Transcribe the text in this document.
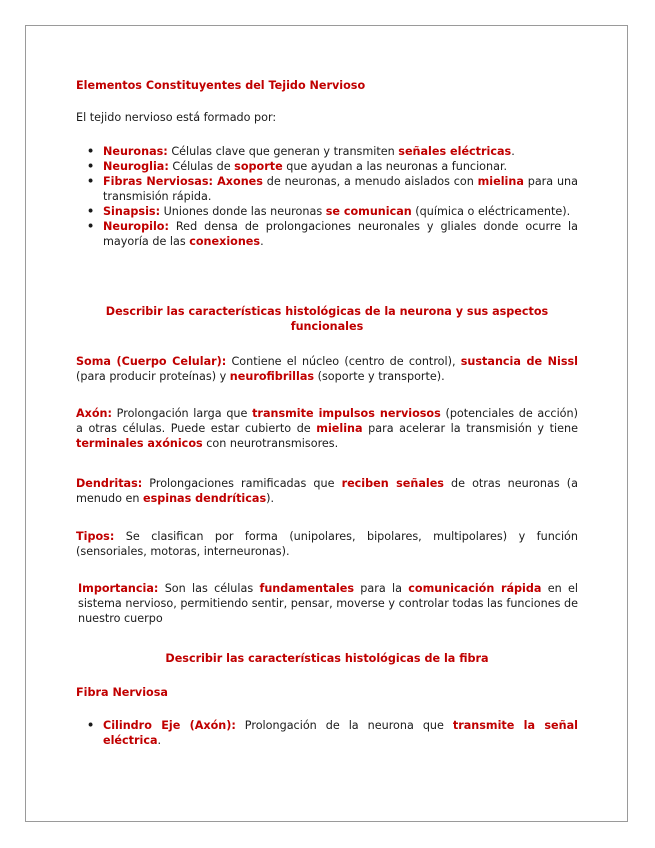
Elementos Constituyentes del Tejido Nervioso
El tejido nervioso está formado por:
• Neuronas: Células clave que generan y transmiten señales eléctricas.
• Neuroglia: Células de soporte que ayudan a las neuronas a funcionar.
• Fibras Nerviosas: Axones de neuronas, a menudo aislados con mielina para una transmisión rápida.
• Sinapsis: Uniones donde las neuronas se comunican (química o eléctricamente).
• Neuropilo: Red densa de prolongaciones neuronales y gliales donde ocurre la mayoría de las conexiones.
Describir las características histológicas de la neurona y sus aspectos funcionales
Soma (Cuerpo Celular): Contiene el núcleo (centro de control), sustancia de Nissl (para producir proteínas) y neurofibrillas (soporte y transporte).
Axón: Prolongación larga que transmite impulsos nerviosos (potenciales de acción) a otras células. Puede estar cubierto de mielina para acelerar la transmisión y tiene terminales axónicos con neurotransmisores.
Dendritas: Prolongaciones ramificadas que reciben señales de otras neuronas (a menudo en espinas dendríticas).
Tipos: Se clasifican por forma (unipolares, bipolares, multipolares) y función (sensoriales, motoras, interneuronas).
Importancia: Son las células fundamentales para la comunicación rápida en el sistema nervioso, permitiendo sentir, pensar, moverse y controlar todas las funciones de nuestro cuerpo
Describir las características histológicas de la fibra
Fibra Nerviosa
• Cilindro Eje (Axón): Prolongación de la neurona que transmite la señal eléctrica.
